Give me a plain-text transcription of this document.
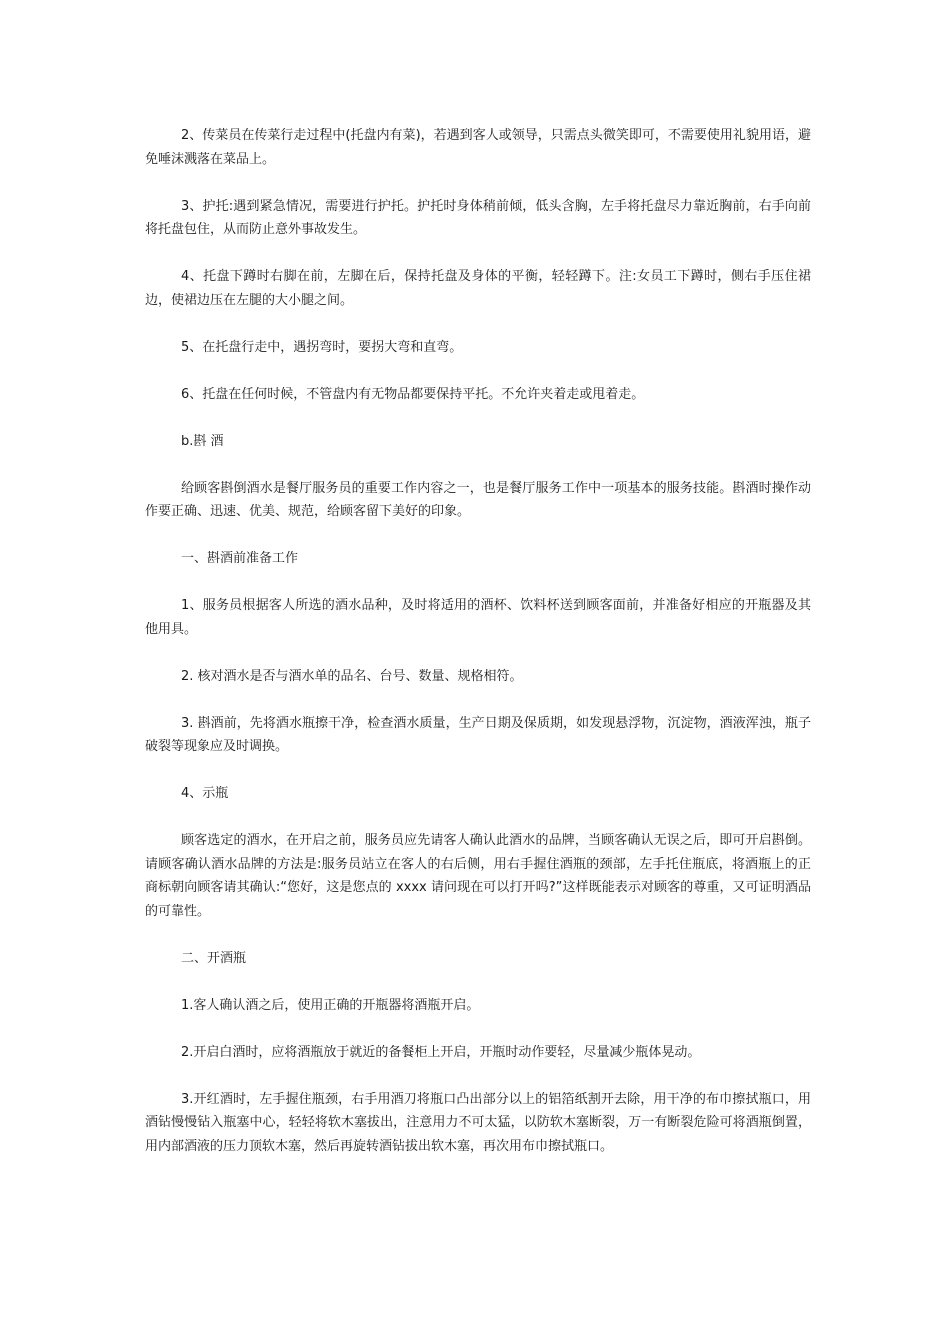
2、传菜员在传菜行走过程中(托盘内有菜)，若遇到客人或领导，只需点头微笑即可，不需要使用礼貌用语，避免唾沫溅落在菜品上。

3、护托:遇到紧急情况，需要进行护托。护托时身体稍前倾，低头含胸，左手将托盘尽力靠近胸前，右手向前将托盘包住，从而防止意外事故发生。

4、托盘下蹲时右脚在前，左脚在后，保持托盘及身体的平衡，轻轻蹲下。注:女员工下蹲时，侧右手压住裙边，使裙边压在左腿的大小腿之间。

5、在托盘行走中，遇拐弯时，要拐大弯和直弯。

6、托盘在任何时候，不管盘内有无物品都要保持平托。不允许夹着走或甩着走。

b.斟 酒

给顾客斟倒酒水是餐厅服务员的重要工作内容之一，也是餐厅服务工作中一项基本的服务技能。斟酒时操作动作要正确、迅速、优美、规范，给顾客留下美好的印象。

一、斟酒前准备工作

1、服务员根据客人所选的酒水品种，及时将适用的酒杯、饮料杯送到顾客面前，并准备好相应的开瓶器及其他用具。

2. 核对酒水是否与酒水单的品名、台号、数量、规格相符。

3. 斟酒前，先将酒水瓶擦干净，检查酒水质量，生产日期及保质期，如发现悬浮物，沉淀物，酒液浑浊，瓶子破裂等现象应及时调换。

4、示瓶

顾客选定的酒水，在开启之前，服务员应先请客人确认此酒水的品牌，当顾客确认无误之后，即可开启斟倒。请顾客确认酒水品牌的方法是:服务员站立在客人的右后侧，用右手握住酒瓶的颈部，左手托住瓶底，将酒瓶上的正商标朝向顾客请其确认:“您好，这是您点的 xxxx 请问现在可以打开吗?”这样既能表示对顾客的尊重，又可证明酒品的可靠性。

二、开酒瓶

1.客人确认酒之后，使用正确的开瓶器将酒瓶开启。

2.开启白酒时，应将酒瓶放于就近的备餐柜上开启，开瓶时动作要轻，尽量减少瓶体晃动。

3.开红酒时，左手握住瓶颈，右手用酒刀将瓶口凸出部分以上的铝箔纸割开去除，用干净的布巾擦拭瓶口，用酒钻慢慢钻入瓶塞中心，轻轻将软木塞拔出，注意用力不可太猛，以防软木塞断裂，万一有断裂危险可将酒瓶倒置，用内部酒液的压力顶软木塞，然后再旋转酒钻拔出软木塞，再次用布巾擦拭瓶口。
